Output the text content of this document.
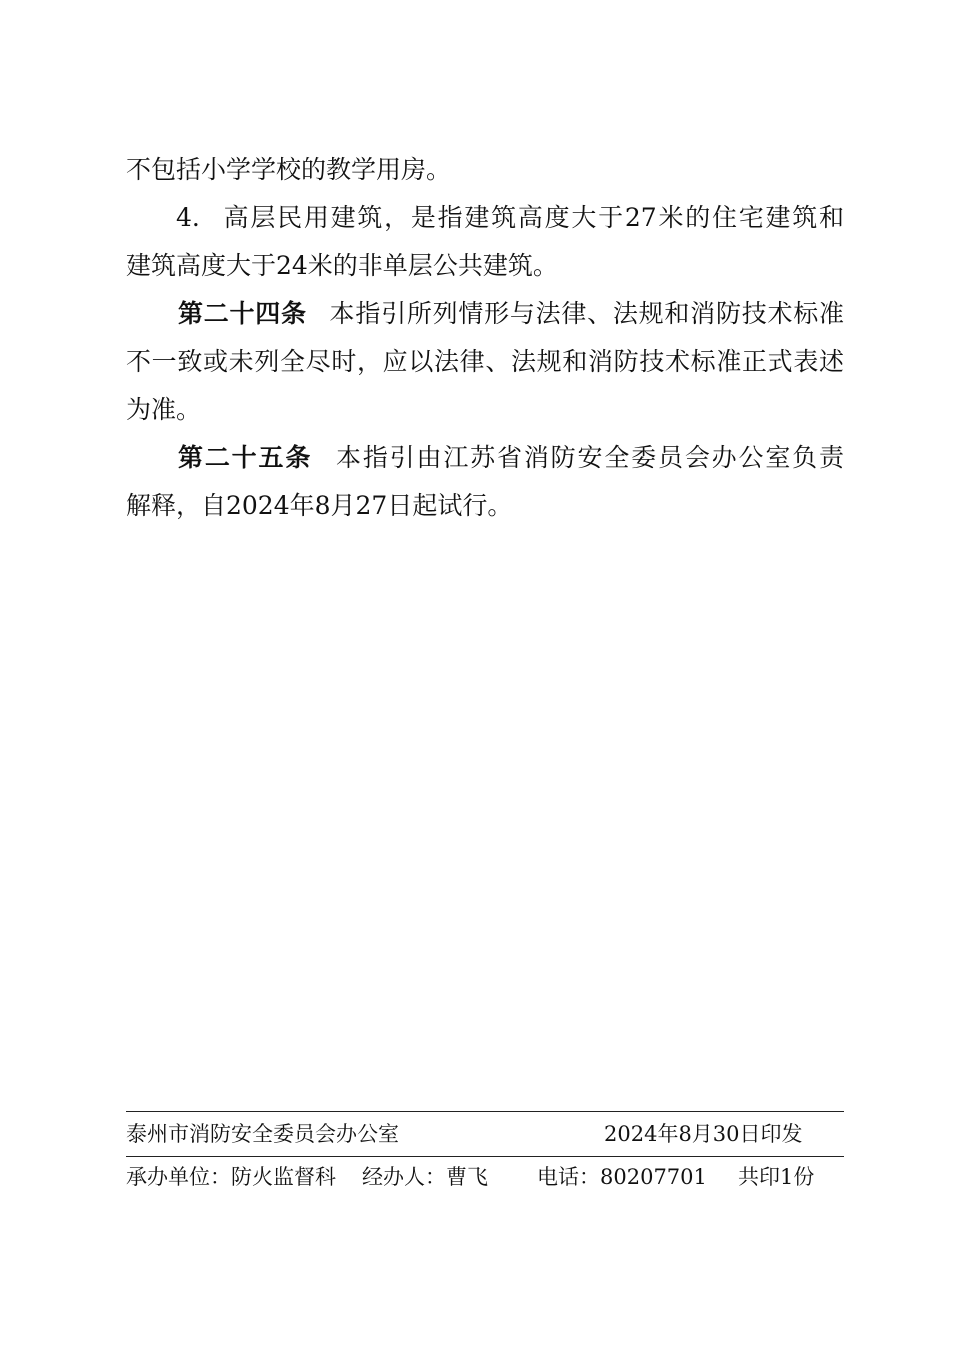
不包括小学学校的教学用房。
4. 高层民用建筑，是指建筑高度大于27米的住宅建筑和
建筑高度大于24米的非单层公共建筑。
第二十四条 本指引所列情形与法律、法规和消防技术标准
不一致或未列全尽时，应以法律、法规和消防技术标准正式表述
为准。
第二十五条 本指引由江苏省消防安全委员会办公室负责
解释，自2024年8月27日起试行。
泰州市消防安全委员会办公室	2024年8月30日印发
承办单位：防火监督科 经办人：曹飞 电话：80207701 共印1份
